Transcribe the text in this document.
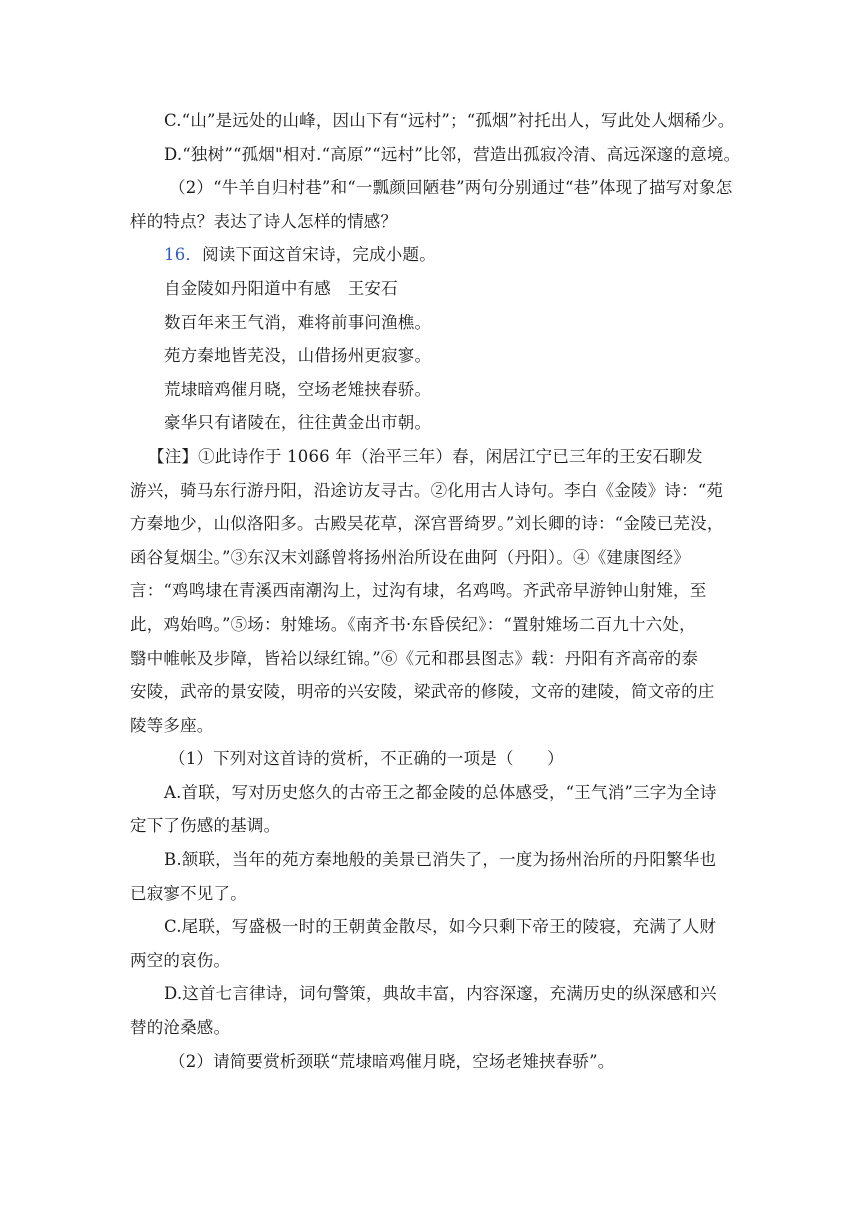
C.“山”是远处的山峰，因山下有“远村”；“孤烟”衬托出人，写此处人烟稀少。
D.“独树”“孤烟"相对.“高原”“远村”比邻，营造出孤寂冷清、高远深邃的意境。
（2）“牛羊自归村巷”和“一瓢颜回陋巷”两句分别通过“巷”体现了描写对象怎
样的特点？表达了诗人怎样的情感？
16．阅读下面这首宋诗，完成小题。
自金陵如丹阳道中有感　王安石
数百年来王气消，难将前事问渔樵。
苑方秦地皆芜没，山借扬州更寂寥。
荒埭暗鸡催月晓，空场老雉挟春骄。
豪华只有诸陵在，往往黄金出市朝。
【注】①此诗作于 1066 年（治平三年）春，闲居江宁已三年的王安石聊发
游兴，骑马东行游丹阳，沿途访友寻古。②化用古人诗句。李白《金陵》诗：“苑
方秦地少，山似洛阳多。古殿吴花草，深宫晋绮罗。”刘长卿的诗：“金陵已芜没，
函谷复烟尘。”③东汉末刘繇曾将扬州治所设在曲阿（丹阳）。④《建康图经》
言：“鸡鸣埭在青溪西南潮沟上，过沟有埭，名鸡鸣。齐武帝早游钟山射雉，至
此，鸡始鸣。”⑤场：射雉场。《南齐书·东昏侯纪》：“置射雉场二百九十六处，
翳中帷帐及步障，皆袷以绿红锦。”⑥《元和郡县图志》载：丹阳有齐高帝的泰
安陵，武帝的景安陵，明帝的兴安陵，梁武帝的修陵，文帝的建陵，简文帝的庄
陵等多座。
（1）下列对这首诗的赏析，不正确的一项是（　　）
A.首联，写对历史悠久的古帝王之都金陵的总体感受，“王气消”三字为全诗
定下了伤感的基调。
B.颔联，当年的苑方秦地般的美景已消失了，一度为扬州治所的丹阳繁华也
已寂寥不见了。
C.尾联，写盛极一时的王朝黄金散尽，如今只剩下帝王的陵寝，充满了人财
两空的哀伤。
D.这首七言律诗，词句警策，典故丰富，内容深邃，充满历史的纵深感和兴
替的沧桑感。
（2）请简要赏析颈联“荒埭暗鸡催月晓，空场老雉挟春骄”。
